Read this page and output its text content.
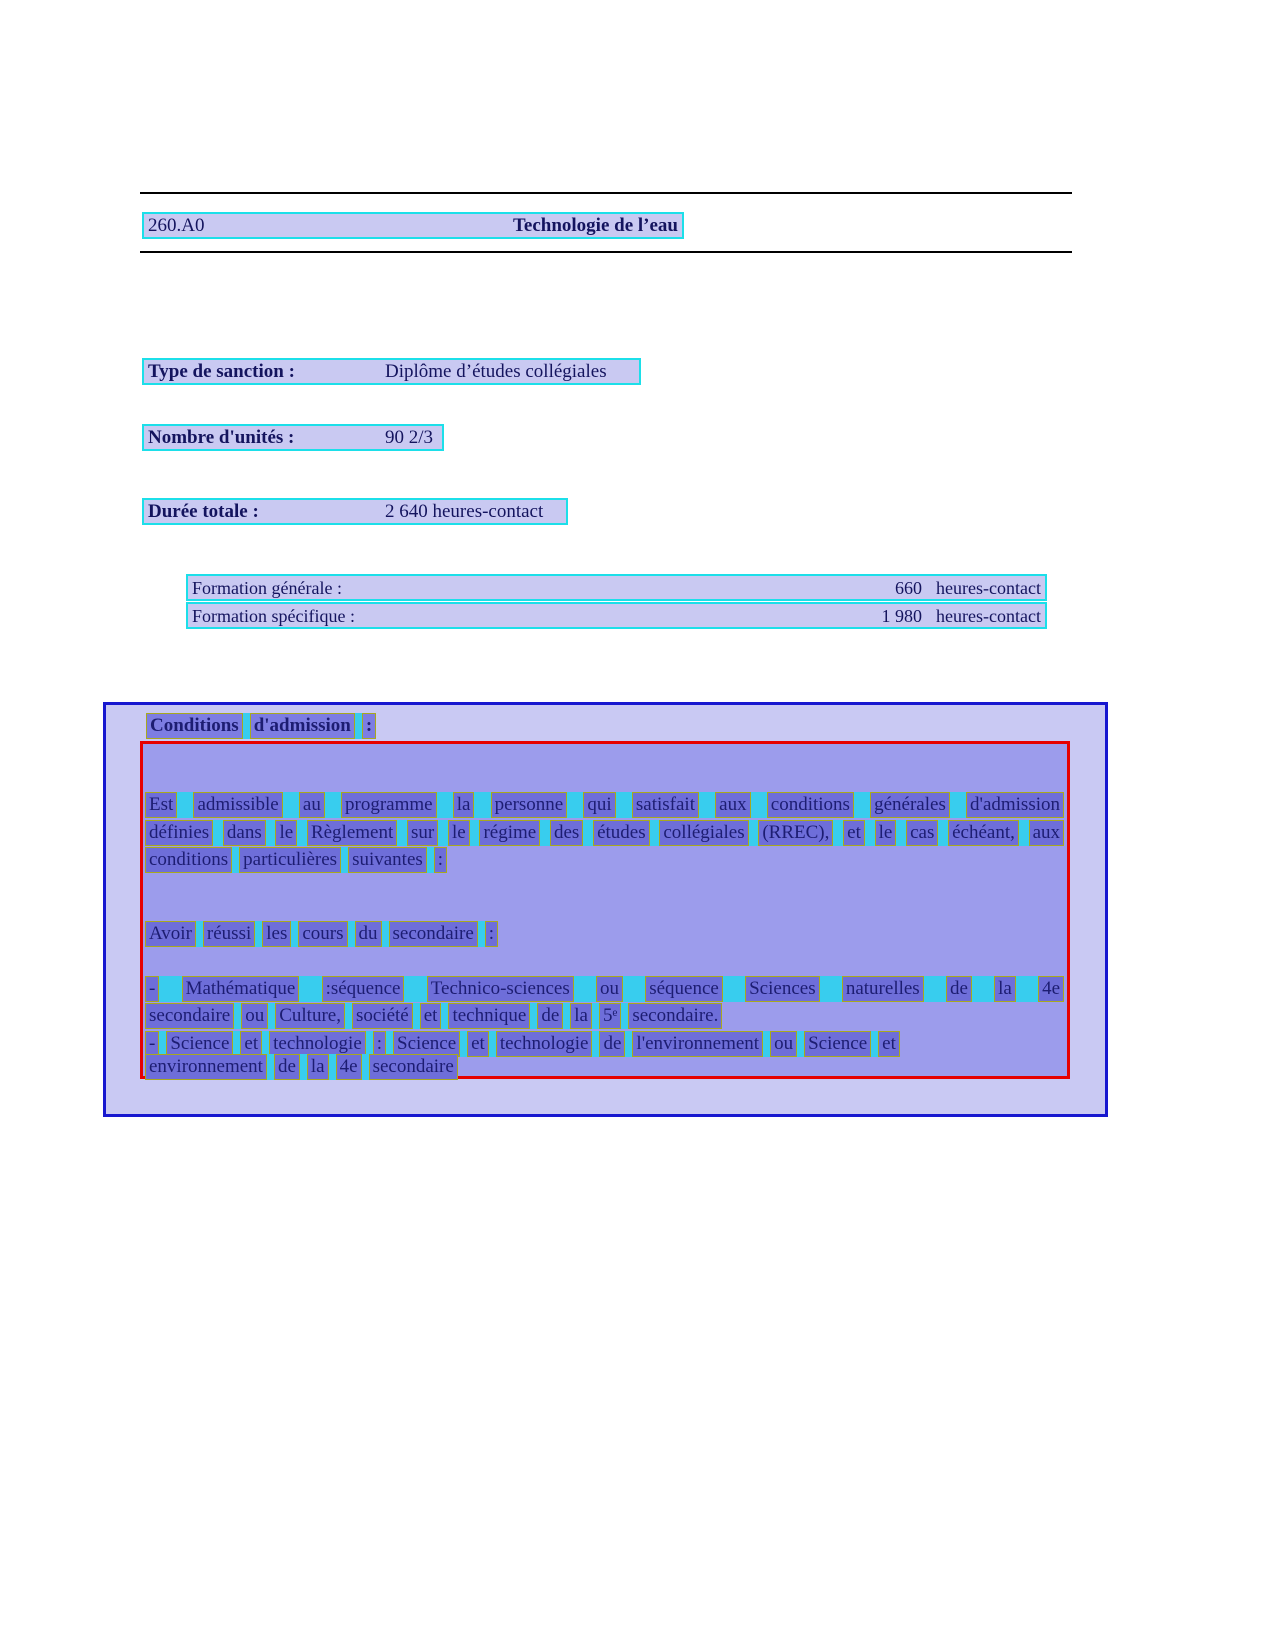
260.A0	Technologie de l’eau
Type de sanction :	Diplôme d’études collégiales
Nombre d'unités :	90 2/3
Durée totale :	2 640 heures-contact
Formation générale :	660 heures-contact
Formation spécifique :	1 980 heures-contact
Conditions d'admission :
Est admissible au programme la personne qui satisfait aux conditions générales d'admission
définies dans le Règlement sur le régime des études collégiales (RREC), et le cas échéant, aux
conditions particulières suivantes :
Avoir réussi les cours du secondaire :
- Mathématique :séquence Technico-sciences ou séquence Sciences naturelles de la 4e
secondaire ou Culture, société et technique de la 5ᵉ secondaire.
- Science et technologie : Science et technologie de l'environnement ou Science et
environnement de la 4e secondaire
